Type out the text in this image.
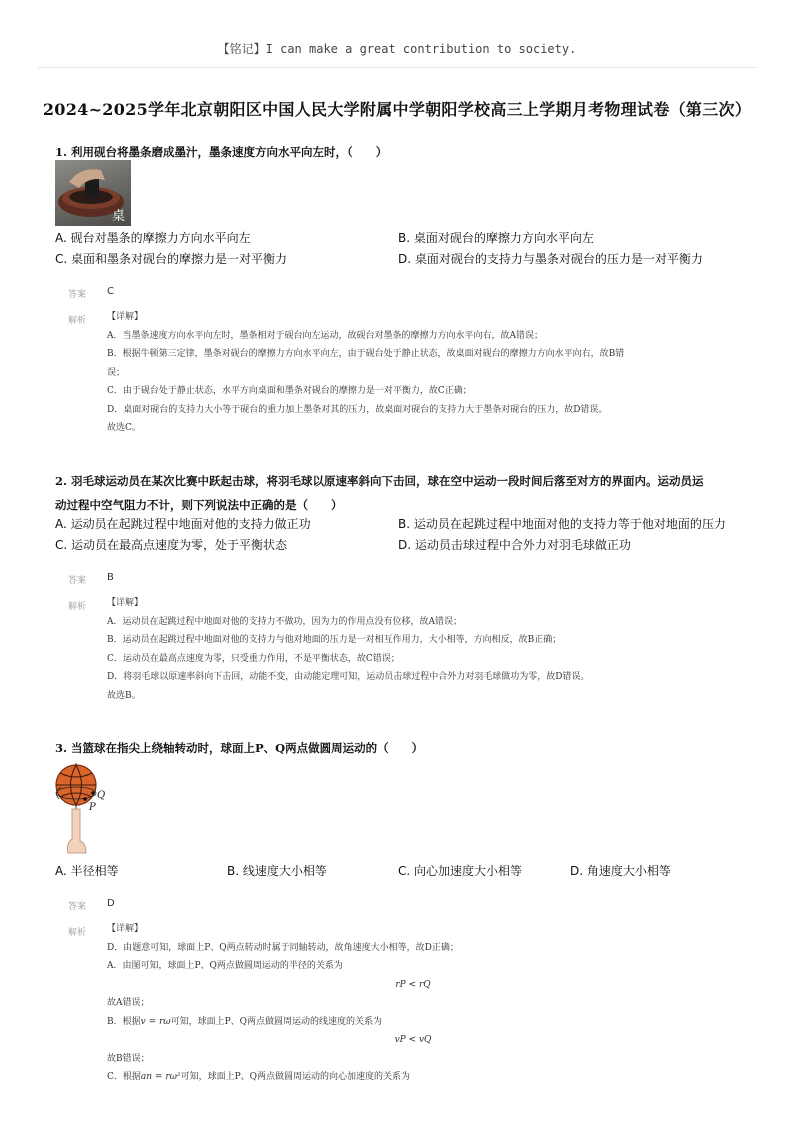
【铭记】I can make a great contribution to society.
2024~2025学年北京朝阳区中国人民大学附属中学朝阳学校高三上学期月考物理试卷（第三次）
1. 利用砚台将墨条磨成墨汁，墨条速度方向水平向左时，（　　）
桌
A. 砚台对墨条的摩擦力方向水平向左	B. 桌面对砚台的摩擦力方向水平向左
C. 桌面和墨条对砚台的摩擦力是一对平衡力	D. 桌面对砚台的支持力与墨条对砚台的压力是一对平衡力
答案 C
解析 【详解】
A．当墨条速度方向水平向左时，墨条相对于砚台向左运动，故砚台对墨条的摩擦力方向水平向右，故A错误；
B．根据牛顿第三定律，墨条对砚台的摩擦力方向水平向左，由于砚台处于静止状态，故桌面对砚台的摩擦力方向水平向右，故B错
误；
C．由于砚台处于静止状态，水平方向桌面和墨条对砚台的摩擦力是一对平衡力，故C正确；
D．桌面对砚台的支持力大小等于砚台的重力加上墨条对其的压力，故桌面对砚台的支持力大于墨条对砚台的压力，故D错误。
故选C。
2. 羽毛球运动员在某次比赛中跃起击球，将羽毛球以原速率斜向下击回，球在空中运动一段时间后落至对方的界面内。运动员运
动过程中空气阻力不计，则下列说法中正确的是（　　）
A. 运动员在起跳过程中地面对他的支持力做正功	B. 运动员在起跳过程中地面对他的支持力等于他对地面的压力
C. 运动员在最高点速度为零，处于平衡状态	D. 运动员击球过程中合外力对羽毛球做正功
答案 B
解析 【详解】
A．运动员在起跳过程中地面对他的支持力不做功，因为力的作用点没有位移，故A错误；
B．运动员在起跳过程中地面对他的支持力与他对地面的压力是一对相互作用力，大小相等，方向相反，故B正确；
C．运动员在最高点速度为零，只受重力作用，不是平衡状态，故C错误；
D．将羽毛球以原速率斜向下击回，动能不变，由动能定理可知，运动员击球过程中合外力对羽毛球做功为零，故D错误。
故选B。
3. 当篮球在指尖上绕轴转动时，球面上P、Q两点做圆周运动的（　　）
Q
P
A. 半径相等	B. 线速度大小相等	C. 向心加速度大小相等	D. 角速度大小相等
答案 D
解析 【详解】
D．由题意可知，球面上P、Q两点转动时属于同轴转动，故角速度大小相等，故D正确；
A．由图可知，球面上P、Q两点做圆周运动的半径的关系为
rP < rQ
故A错误；
B．根据v = rω可知，球面上P、Q两点做圆周运动的线速度的关系为
vP < vQ
故B错误；
C．根据an = rω²可知，球面上P、Q两点做圆周运动的向心加速度的关系为
